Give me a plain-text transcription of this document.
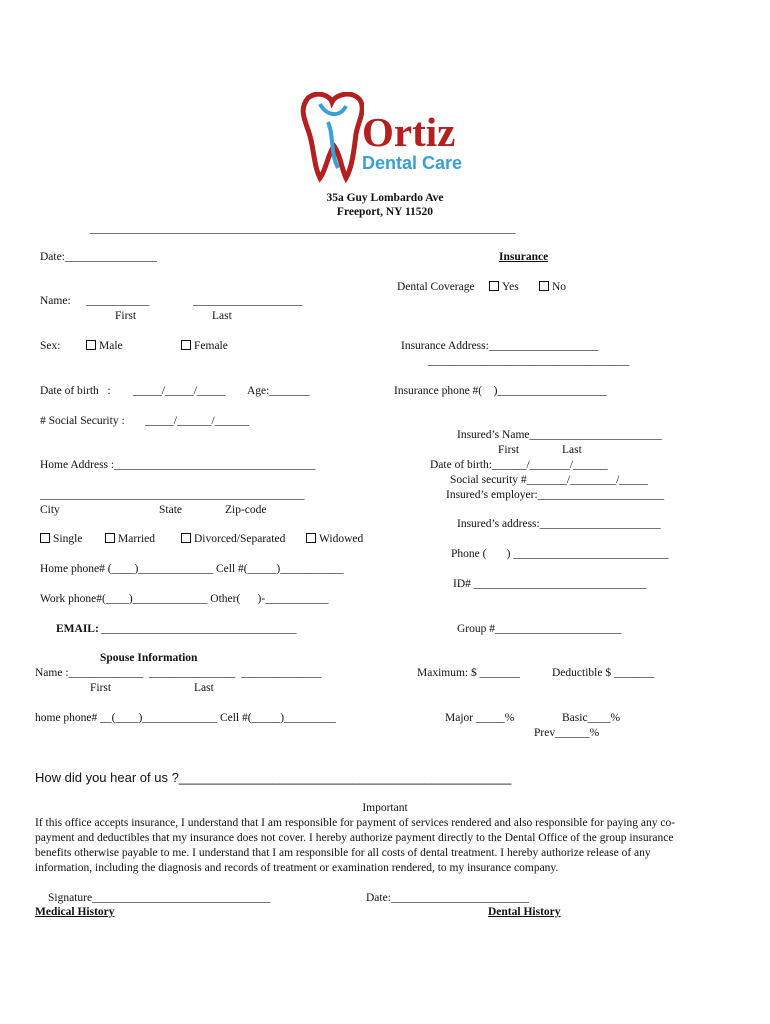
Ortiz
Dental Care
35a Guy Lombardo Ave
Freeport, NY 11520
__________________________________________________________________________
Date:________________
Name: ___________	___________________
First	Last
Sex:	Male	Female
Date of birth   : _____/_____/_____ Age:_______
# Social Security : _____/______/______
Home Address :___________________________________
______________________________________________
City	State	Zip-code
Single	Married	Divorced/Separated	Widowed
Home phone# (____)_____________ Cell #(_____)___________
Work phone#(____)_____________ Other(      )-___________
EMAIL: __________________________________
Insurance
Dental Coverage	Yes	No
Insurance Address:___________________
___________________________________
Insurance phone #(    )___________________
Insured’s Name_______________________
First	Last
Date of birth:______/_______/______
Social security #_______/________/_____
Insured’s employer:______________________
Insured’s address:_____________________
Phone (       ) ___________________________
ID# ______________________________
Group #______________________
Spouse Information
Name :_____________  _______________  ______________
First	Last
home phone# __(____)_____________ Cell #(_____)_________
Maximum: $ _______	Deductible $ _______
Major _____%	Basic____%
Prev______%
How did you hear of us ?______________________________________________
Important
If this office accepts insurance, I understand that I am responsible for payment of services rendered and also responsible for paying any co-
payment and deductibles that my insurance does not cover. I hereby authorize payment directly to the Dental Office of the group insurance
benefits otherwise payable to me. I understand that I am responsible for all costs of dental treatment. I hereby authorize release of any
information, including the diagnosis and records of treatment or examination rendered, to my insurance company.
Signature_______________________________	Date:________________________
Medical History	Dental History
